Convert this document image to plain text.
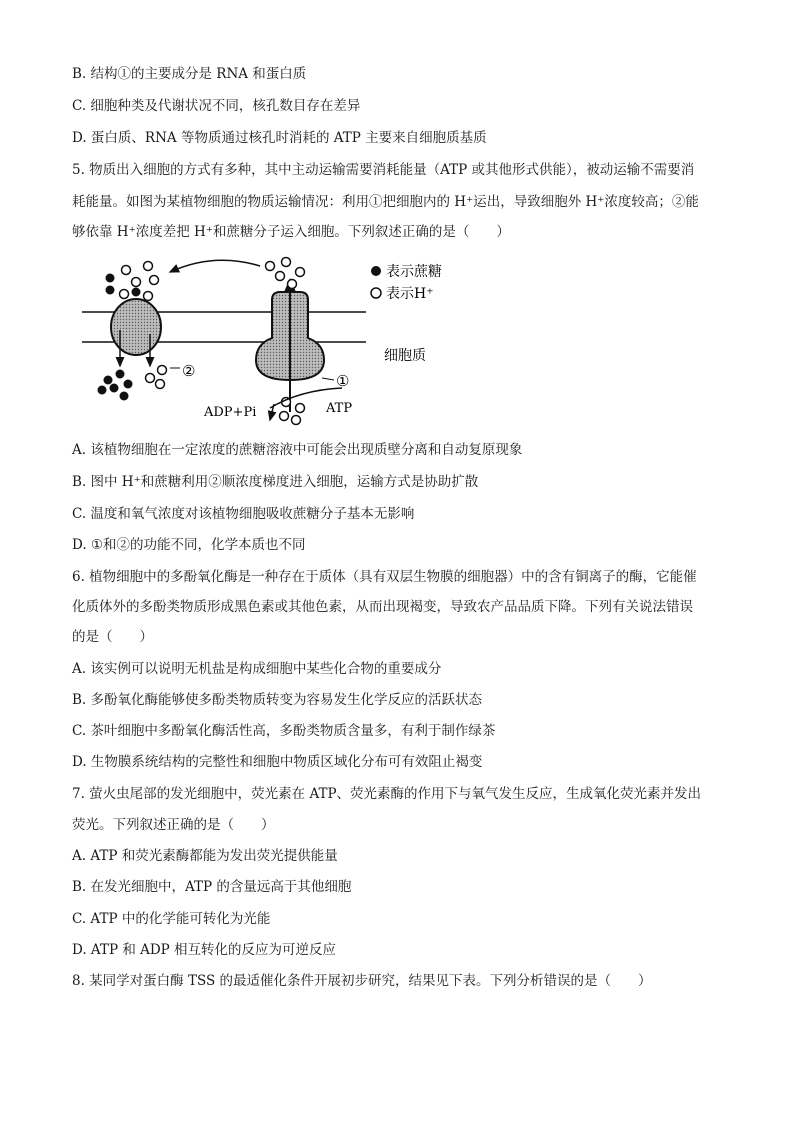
B. 结构①的主要成分是 RNA 和蛋白质
C. 细胞种类及代谢状况不同，核孔数目存在差异
D. 蛋白质、RNA 等物质通过核孔时消耗的 ATP 主要来自细胞质基质
5. 物质出入细胞的方式有多种，其中主动运输需要消耗能量（ATP 或其他形式供能），被动运输不需要消
耗能量。如图为某植物细胞的物质运输情况：利用①把细胞内的 H⁺运出，导致细胞外 H⁺浓度较高；②能
够依靠 H⁺浓度差把 H⁺和蔗糖分子运入细胞。下列叙述正确的是（　　）
②
①
ADP+Pi	ATP
细胞质
表示蔗糖
表示H⁺
A. 该植物细胞在一定浓度的蔗糖溶液中可能会出现质壁分离和自动复原现象
B. 图中 H⁺和蔗糖利用②顺浓度梯度进入细胞，运输方式是协助扩散
C. 温度和氧气浓度对该植物细胞吸收蔗糖分子基本无影响
D. ①和②的功能不同，化学本质也不同
6. 植物细胞中的多酚氧化酶是一种存在于质体（具有双层生物膜的细胞器）中的含有铜离子的酶，它能催
化质体外的多酚类物质形成黑色素或其他色素，从而出现褐变，导致农产品品质下降。下列有关说法错误
的是（　　）
A. 该实例可以说明无机盐是构成细胞中某些化合物的重要成分
B. 多酚氧化酶能够使多酚类物质转变为容易发生化学反应的活跃状态
C. 茶叶细胞中多酚氧化酶活性高，多酚类物质含量多，有利于制作绿茶
D. 生物膜系统结构的完整性和细胞中物质区域化分布可有效阻止褐变
7. 萤火虫尾部的发光细胞中，荧光素在 ATP、荧光素酶的作用下与氧气发生反应，生成氧化荧光素并发出
荧光。下列叙述正确的是（　　）
A. ATP 和荧光素酶都能为发出荧光提供能量
B. 在发光细胞中，ATP 的含量远高于其他细胞
C. ATP 中的化学能可转化为光能
D. ATP 和 ADP 相互转化的反应为可逆反应
8. 某同学对蛋白酶 TSS 的最适催化条件开展初步研究，结果见下表。下列分析错误的是（　　）
